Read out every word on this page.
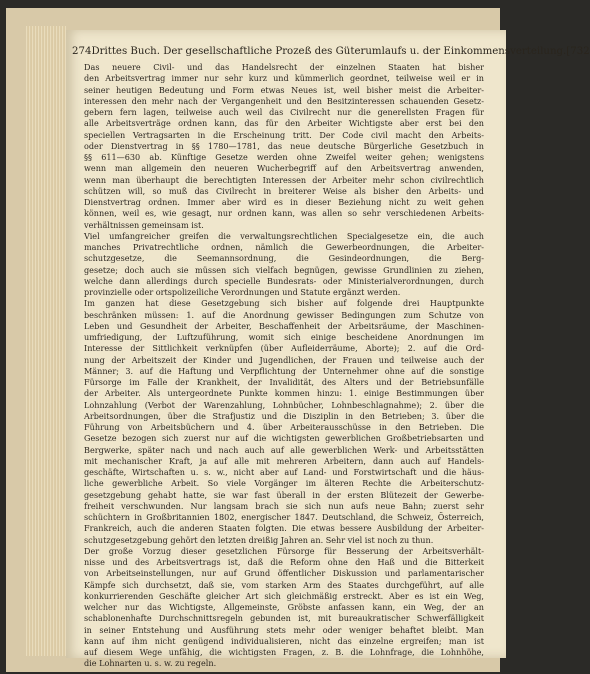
274 Drittes Buch. Der gesellschaftliche Prozeß des Güterumlaufs u. der Einkommensverteilung. [732

Das neuere Civil- und das Handelsrecht der einzelnen Staaten hat bisher
den Arbeitsvertrag immer nur sehr kurz und kümmerlich geordnet, teilweise weil er in
seiner heutigen Bedeutung und Form etwas Neues ist, weil bisher meist die Arbeiter-
interessen den mehr nach der Vergangenheit und den Besitzinteressen schauenden Gesetz-
gebern fern lagen, teilweise auch weil das Civilrecht nur die generellsten Fragen für
alle Arbeitsverträge ordnen kann, das für den Arbeiter Wichtigste aber erst bei den
speciellen Vertragsarten in die Erscheinung tritt. Der Code civil macht den Arbeits-
oder Dienstvertrag in §§ 1780—1781, das neue deutsche Bürgerliche Gesetzbuch in
§§ 611—630 ab. Künftige Gesetze werden ohne Zweifel weiter gehen; wenigstens
wenn man allgemein den neueren Wucherbegriff auf den Arbeitsvertrag anwenden,
wenn man überhaupt die berechtigten Interessen der Arbeiter mehr schon civilrechtlich
schützen will, so muß das Civilrecht in breiterer Weise als bisher den Arbeits- und
Dienstvertrag ordnen. Immer aber wird es in dieser Beziehung nicht zu weit gehen
können, weil es, wie gesagt, nur ordnen kann, was allen so sehr verschiedenen Arbeits-
verhältnissen gemeinsam ist.

Viel umfangreicher greifen die verwaltungsrechtlichen Specialgesetze ein, die auch
manches Privatrechtliche ordnen, nämlich die Gewerbeordnungen, die Arbeiter-
schutzgesetze, die Seemannsordnung, die Gesindeordnungen, die Berg-
gesetze; doch auch sie müssen sich vielfach begnügen, gewisse Grundlinien zu ziehen,
welche dann allerdings durch specielle Bundesrats- oder Ministerialverordnungen, durch
provinzielle oder ortspolizeiliche Verordnungen und Statute ergänzt werden.

Im ganzen hat diese Gesetzgebung sich bisher auf folgende drei Hauptpunkte
beschränken müssen: 1. auf die Anordnung gewisser Bedingungen zum Schutze von
Leben und Gesundheit der Arbeiter, Beschaffenheit der Arbeitsräume, der Maschinen-
umfriedigung, der Luftzuführung, womit sich einige bescheidene Anordnungen im
Interesse der Sittlichkeit verknüpfen (über Aufleiderräume, Aborte); 2. auf die Ord-
nung der Arbeitszeit der Kinder und Jugendlichen, der Frauen und teilweise auch der
Männer; 3. auf die Haftung und Verpflichtung der Unternehmer ohne auf die sonstige
Fürsorge im Falle der Krankheit, der Invalidität, des Alters und der Betriebsunfälle
der Arbeiter. Als untergeordnete Punkte kommen hinzu: 1. einige Bestimmungen über
Lohnzahlung (Verbot der Warenzahlung, Lohnbücher, Lohnbeschlagnahme); 2. über die
Arbeitsordnungen, über die Strafjustiz und die Disziplin in den Betrieben; 3. über die
Führung von Arbeitsbüchern und 4. über Arbeiterausschüsse in den Betrieben. Die
Gesetze bezogen sich zuerst nur auf die wichtigsten gewerblichen Großbetriebsarten und
Bergwerke, später nach und nach auch auf alle gewerblichen Werk- und Arbeitsstätten
mit mechanischer Kraft, ja auf alle mit mehreren Arbeitern, dann auch auf Handels-
geschäfte, Wirtschaften u. s. w., nicht aber auf Land- und Forstwirtschaft und die häus-
liche gewerbliche Arbeit. So viele Vorgänger im älteren Rechte die Arbeiterschutz-
gesetzgebung gehabt hatte, sie war fast überall in der ersten Blütezeit der Gewerbe-
freiheit verschwunden. Nur langsam brach sie sich nun aufs neue Bahn; zuerst sehr
schüchtern in Großbritannien 1802, energischer 1847. Deutschland, die Schweiz, Österreich,
Frankreich, auch die anderen Staaten folgten. Die etwas bessere Ausbildung der Arbeiter-
schutzgesetzgebung gehört den letzten dreißig Jahren an. Sehr viel ist noch zu thun.

Der große Vorzug dieser gesetzlichen Fürsorge für Besserung der Arbeitsverhält-
nisse und des Arbeitsvertrags ist, daß die Reform ohne den Haß und die Bitterkeit
von Arbeitseinstellungen, nur auf Grund öffentlicher Diskussion und parlamentarischer
Kämpfe sich durchsetzt, daß sie, vom starken Arm des Staates durchgeführt, auf alle
konkurrierenden Geschäfte gleicher Art sich gleichmäßig erstreckt. Aber es ist ein Weg,
welcher nur das Wichtigste, Allgemeinste, Gröbste anfassen kann, ein Weg, der an
schablonenhafte Durchschnittsregeln gebunden ist, mit bureaukratischer Schwerfälligkeit
in seiner Entstehung und Ausführung stets mehr oder weniger behaftet bleibt. Man
kann auf ihm nicht genügend individualisieren, nicht das einzelne ergreifen; man ist
auf diesem Wege unfähig, die wichtigsten Fragen, z. B. die Lohnfrage, die Lohnhöhe,
die Lohnarten u. s. w. zu regeln.
